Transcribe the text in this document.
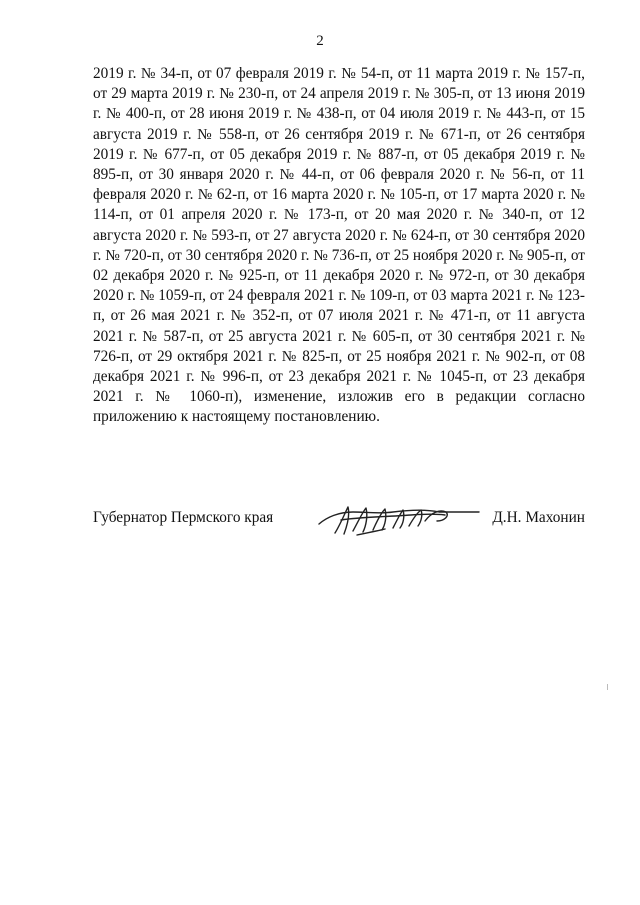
2

2019 г. № 34-п, от 07 февраля 2019 г. № 54-п, от 11 марта 2019 г. № 157-п, от 29 марта 2019 г. № 230-п, от 24 апреля 2019 г. № 305-п, от 13 июня 2019 г. № 400-п, от 28 июня 2019 г. № 438-п, от 04 июля 2019 г. № 443-п, от 15 августа 2019 г. № 558-п, от 26 сентября 2019 г. № 671-п, от 26 сентября 2019 г. № 677-п, от 05 декабря 2019 г. № 887-п, от 05 декабря 2019 г. № 895-п, от 30 января 2020 г. № 44-п, от 06 февраля 2020 г. № 56-п, от 11 февраля 2020 г. № 62-п, от 16 марта 2020 г. № 105-п, от 17 марта 2020 г. № 114-п, от 01 апреля 2020 г. № 173-п, от 20 мая 2020 г. № 340-п, от 12 августа 2020 г. № 593-п, от 27 августа 2020 г. № 624-п, от 30 сентября 2020 г. № 720-п, от 30 сентября 2020 г. № 736-п, от 25 ноября 2020 г. № 905-п, от 02 декабря 2020 г. № 925-п, от 11 декабря 2020 г. № 972-п, от 30 декабря 2020 г. № 1059-п, от 24 февраля 2021 г. № 109-п, от 03 марта 2021 г. № 123-п, от 26 мая 2021 г. № 352-п, от 07 июля 2021 г. № 471-п, от 11 августа 2021 г. № 587-п, от 25 августа 2021 г. № 605-п, от 30 сентября 2021 г. № 726-п, от 29 октября 2021 г. № 825-п, от 25 ноября 2021 г. № 902-п, от 08 декабря 2021 г. № 996-п, от 23 декабря 2021 г. № 1045-п, от 23 декабря 2021 г. № 1060-п), изменение, изложив его в редакции согласно приложению к настоящему постановлению.

Губернатор Пермского края	Д.Н. Махонин
